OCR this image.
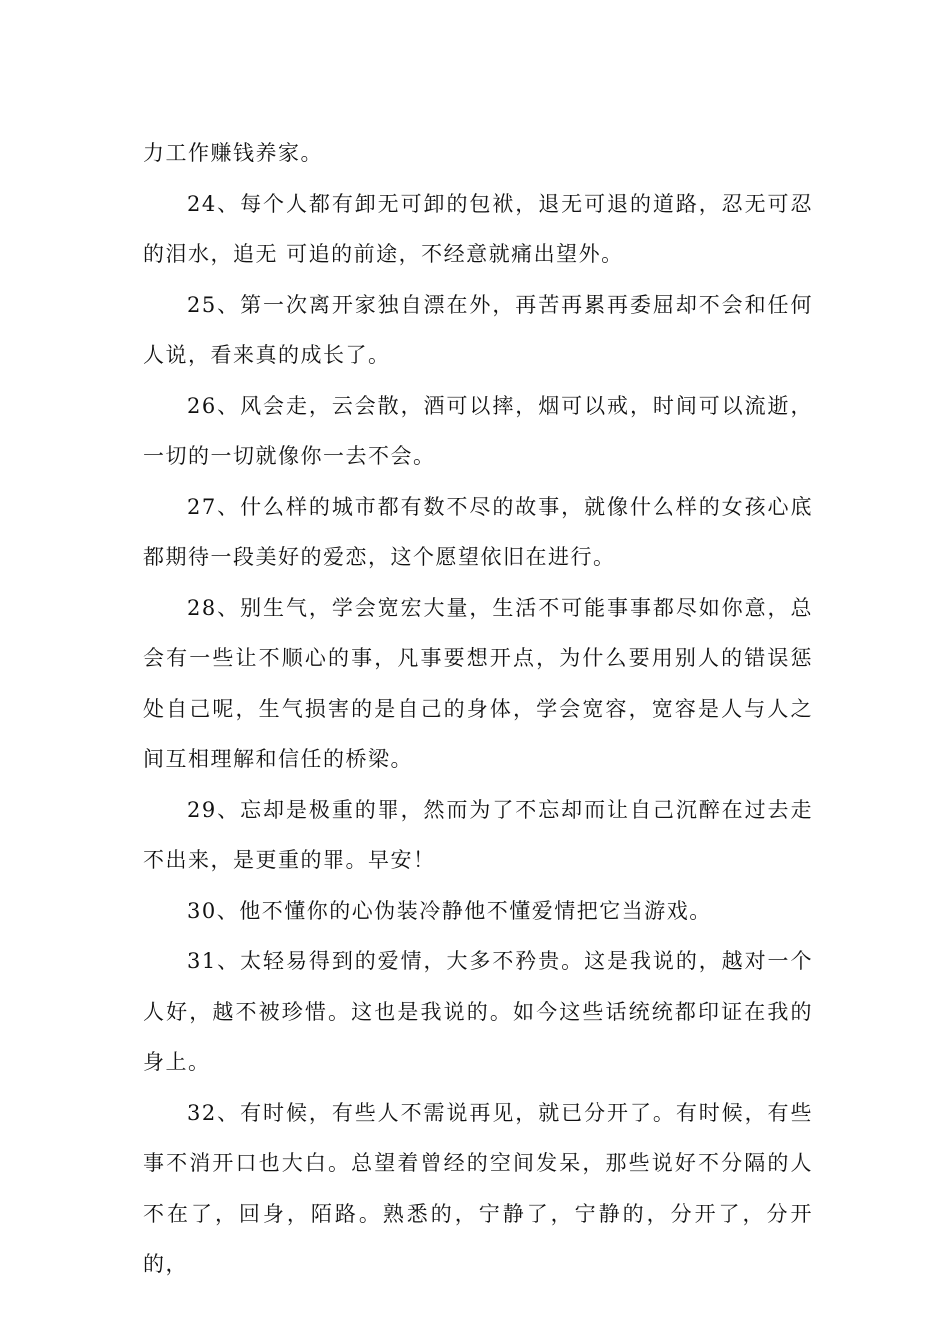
力工作赚钱养家。

24、每个人都有卸无可卸的包袱，退无可退的道路，忍无可忍的泪水，追无 可追的前途，不经意就痛出望外。

25、第一次离开家独自漂在外，再苦再累再委屈却不会和任何人说，看来真的成长了。

26、风会走，云会散，酒可以摔，烟可以戒，时间可以流逝，一切的一切就像你一去不会。

27、什么样的城市都有数不尽的故事，就像什么样的女孩心底都期待一段美好的爱恋，这个愿望依旧在进行。

28、别生气，学会宽宏大量，生活不可能事事都尽如你意，总会有一些让不顺心的事，凡事要想开点，为什么要用别人的错误惩处自己呢，生气损害的是自己的身体，学会宽容，宽容是人与人之间互相理解和信任的桥梁。

29、忘却是极重的罪，然而为了不忘却而让自己沉醉在过去走不出来，是更重的罪。早安！

30、他不懂你的心伪装冷静他不懂爱情把它当游戏。

31、太轻易得到的爱情，大多不矜贵。这是我说的，越对一个人好，越不被珍惜。这也是我说的。如今这些话统统都印证在我的身上。

32、有时候，有些人不需说再见，就已分开了。有时候，有些事不消开口也大白。总望着曾经的空间发呆，那些说好不分隔的人不在了，回身，陌路。熟悉的，宁静了，宁静的，分开了，分开的，
